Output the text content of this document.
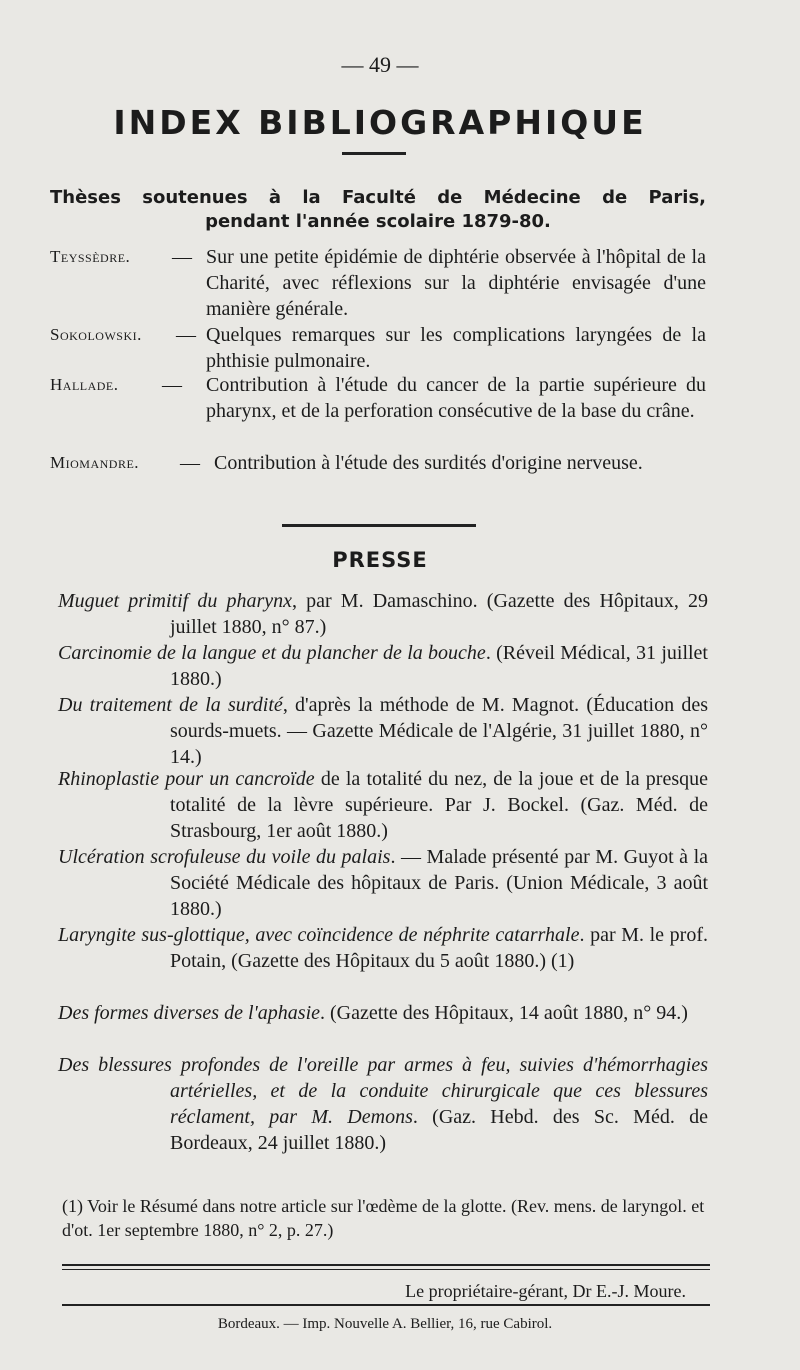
— 49 —
INDEX BIBLIOGRAPHIQUE
Thèses soutenues à la Faculté de Médecine de Paris,
pendant l'année scolaire 1879-80.
Teyssèdre. — Sur une petite épidémie de diphtérie observée à l'hôpital de la Charité, avec réflexions sur la diphtérie envisagée d'une manière générale.
Sokolowski. — Quelques remarques sur les complications laryngées de la phthisie pulmonaire.
Hallade. — Contribution à l'étude du cancer de la partie supérieure du pharynx, et de la perforation consécutive de la base du crâne.
Miomandre. — Contribution à l'étude des surdités d'origine nerveuse.
PRESSE
Muguet primitif du pharynx, par M. Damaschino. (Gazette des Hôpitaux, 29 juillet 1880, n° 87.)
Carcinomie de la langue et du plancher de la bouche. (Réveil Médical, 31 juillet 1880.)
Du traitement de la surdité, d'après la méthode de M. Magnot. (Éducation des sourds-muets. — Gazette Médicale de l'Algérie, 31 juillet 1880, n° 14.)
Rhinoplastie pour un cancroïde de la totalité du nez, de la joue et de la presque totalité de la lèvre supérieure. Par J. Bockel. (Gaz. Méd. de Strasbourg, 1er août 1880.)
Ulcération scrofuleuse du voile du palais. — Malade présenté par M. Guyot à la Société Médicale des hôpitaux de Paris. (Union Médicale, 3 août 1880.)
Laryngite sus-glottique, avec coïncidence de néphrite catarrhale. par M. le prof. Potain, (Gazette des Hôpitaux du 5 août 1880.) (1)
Des formes diverses de l'aphasie. (Gazette des Hôpitaux, 14 août 1880, n° 94.)
Des blessures profondes de l'oreille par armes à feu, suivies d'hémorrhagies artérielles, et de la conduite chirurgicale que ces blessures réclament, par M. Demons. (Gaz. Hebd. des Sc. Méd. de Bordeaux, 24 juillet 1880.)
(1) Voir le Résumé dans notre article sur l'œdème de la glotte. (Rev. mens. de laryngol. et d'ot. 1er septembre 1880, n° 2, p. 27.)
Le propriétaire-gérant, Dr E.-J. Moure.
Bordeaux. — Imp. Nouvelle A. Bellier, 16, rue Cabirol.
